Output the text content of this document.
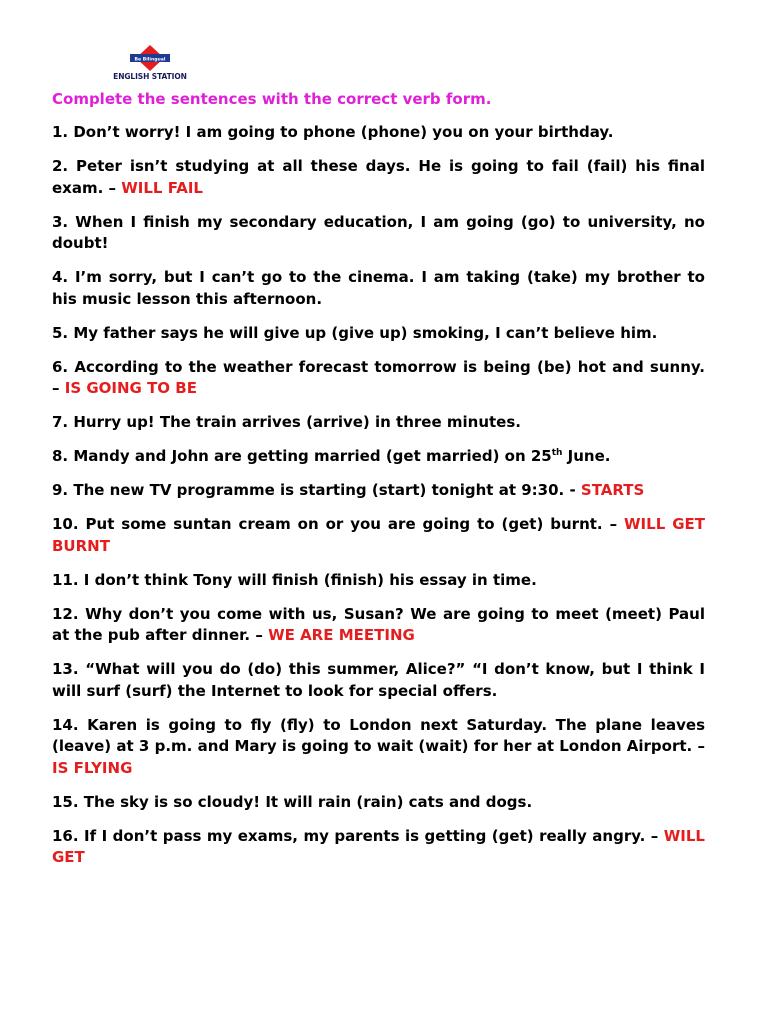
Be Bilingual
ENGLISH STATION
Complete the sentences with the correct verb form.

1. Don’t worry! I am going to phone (phone) you on your birthday.

2. Peter isn’t studying at all these days. He is going to fail (fail) his final exam. – WILL FAIL

3. When I finish my secondary education, I am going (go) to university, no doubt!

4. I’m sorry, but I can’t go to the cinema. I am taking (take) my brother to his music lesson this afternoon.

5. My father says he will give up (give up) smoking, I can’t believe him.

6. According to the weather forecast tomorrow is being (be) hot and sunny. – IS GOING TO BE

7. Hurry up! The train arrives (arrive) in three minutes.

8. Mandy and John are getting married (get married) on 25th June.

9. The new TV programme is starting (start) tonight at 9:30. - STARTS

10. Put some suntan cream on or you are going to (get) burnt. – WILL GET BURNT

11. I don’t think Tony will finish (finish) his essay in time.

12. Why don’t you come with us, Susan? We are going to meet (meet) Paul at the pub after dinner. – WE ARE MEETING

13. “What will you do (do) this summer, Alice?” “I don’t know, but I think I will surf (surf) the Internet to look for special offers.

14. Karen is going to fly (fly) to London next Saturday. The plane leaves (leave) at 3 p.m. and Mary is going to wait (wait) for her at London Airport. – IS FLYING

15. The sky is so cloudy! It will rain (rain) cats and dogs.

16. If I don’t pass my exams, my parents is getting (get) really angry. – WILL GET
